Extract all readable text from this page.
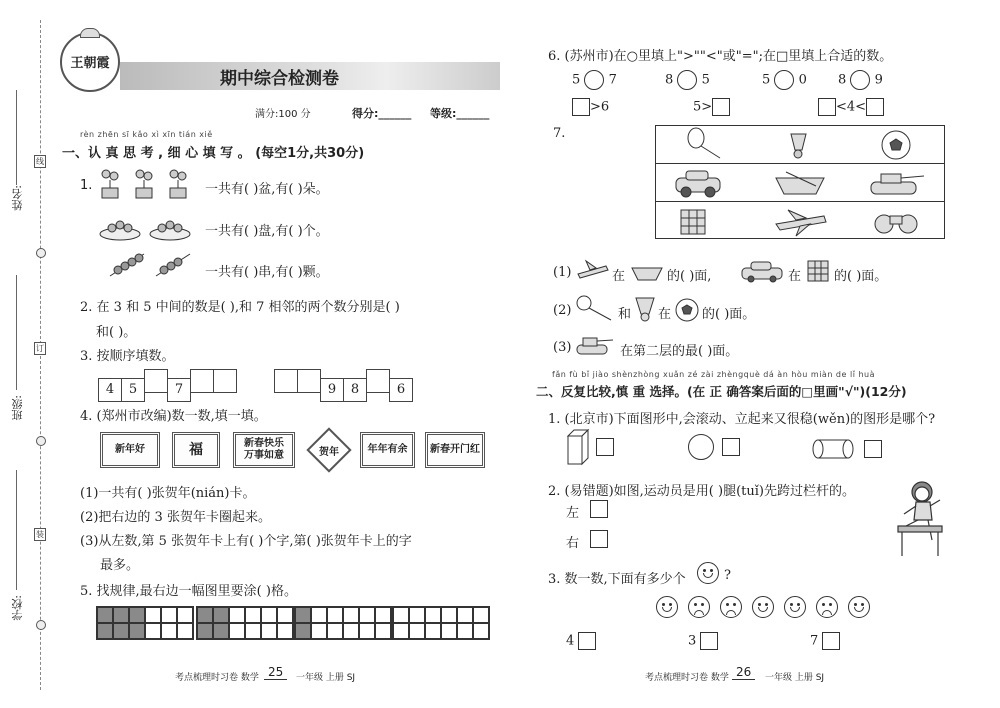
姓名:
班级:
学校:
线
订
装
王朝霞
期中综合检测卷
满分:100 分	得分:______ 等级:______
rèn zhēn sī kǎo xì xīn tián xiě
一、认 真 思 考 , 细 心 填 写 。 (每空1分,共30分)
1.	一共有( )盆,有( )朵。
一共有( )盘,有( )个。
一共有( )串,有( )颗。
2. 在 3 和 5 中间的数是( ),和 7 相邻的两个数分别是( )
和( )。
3. 按顺序填数。
4 5	7	9 8	6
4. (郑州市改编)数一数,填一填。
新年好	福	新春快乐
万事如意	贺年	年年有余	新春开门红
(1)一共有( )张贺年(nián)卡。
(2)把右边的 3 张贺年卡圈起来。
(3)从左数,第 5 张贺年卡上有( )个字,第( )张贺年卡上的字
最多。
5. 找规律,最右边一幅图里要涂( )格。
考点梳理时习卷 数学 25	一年级 上册 SJ
6. (苏州市)在○里填上">""<"或"=";在□里填上合适的数。
5 7	8 5	5 0 8 9
>6	5>	<4<
7.
(1)	在	的( )面,	在	的( )面。
(2)	和 在 的( )面。
(3)	在第二层的最( )面。
fǎn fù bǐ jiào shènzhòng xuǎn zé zài zhèngquè dá àn hòu miàn de lǐ huà
二、反复比较,慎 重 选择。(在 正 确答案后面的□里画"√")(12分)
1. (北京市)下面图形中,会滚动、立起来又很稳(wěn)的图形是哪个?
2. (易错题)如图,运动员是用( )腿(tuǐ)先跨过栏杆的。
左
右
3. 数一数,下面有多少个	?
4	3	7
考点梳理时习卷 数学 26	一年级 上册 SJ
